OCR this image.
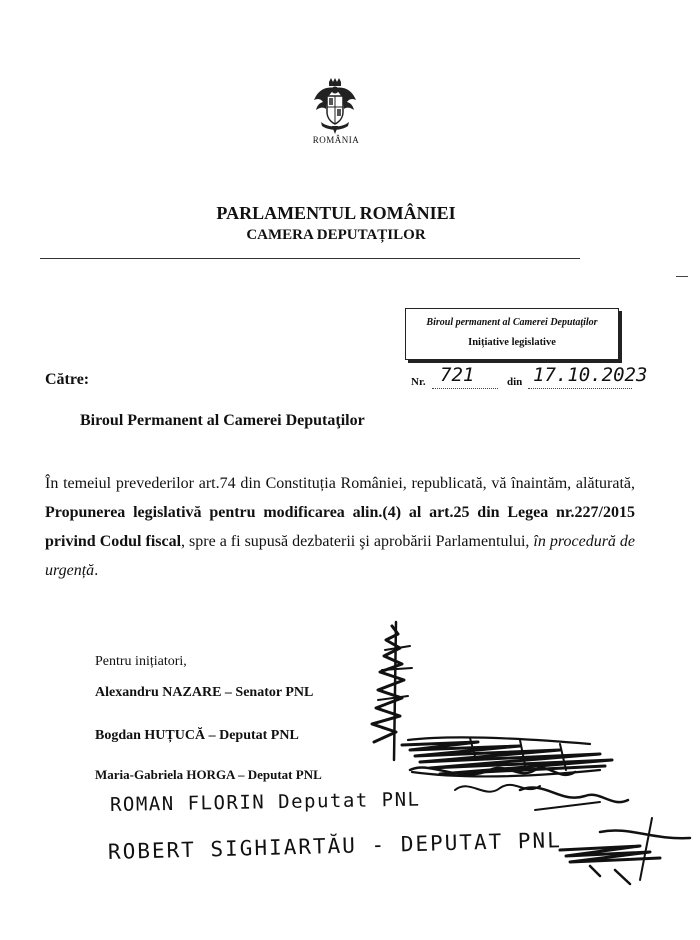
ROMÂNIA
PARLAMENTUL ROMÂNIEI
CAMERA DEPUTAȚILOR
Biroul permanent al Camerei Deputaţilor
Inițiative legislative
Către:	Nr. 721	din 17.10.2023
Biroul Permanent al Camerei Deputaţilor
În temeiul prevederilor art.74 din Constituția României, republicată, vă înaintăm, alăturată, Propunerea legislativă pentru modificarea alin.(4) al art.25 din Legea nr.227/2015 privind Codul fiscal, spre a fi supusă dezbaterii şi aprobării Parlamentului, în procedură de urgență.
Pentru inițiatori,
Alexandru NAZARE – Senator PNL
Bogdan HUȚUCĂ – Deputat PNL
Maria-Gabriela HORGA – Deputat PNL
ROMAN FLORIN Deputat PNL
ROBERT SIGHIARTĂU - DEPUTAT PNL
